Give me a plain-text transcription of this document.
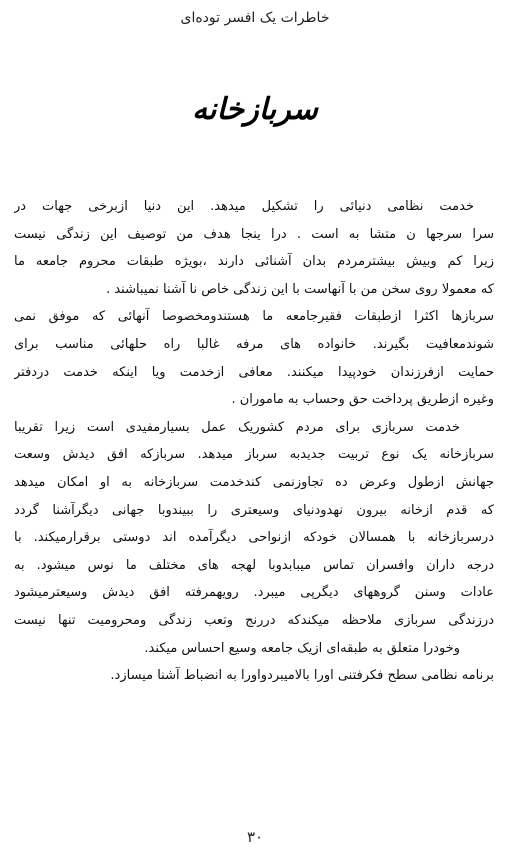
خاطرات یک افسر توده‌ای
سربازخانه
خدمت نظامی دنیائی را تشکیل میدهد. این دنیا ازبرخی جهات در
سرا سرجها ن متشا به است . درا ینجا هدف من توصیف این زندگی نیست
زیرا کم وبیش بیشترمردم بدان آشنائی دارند ،بویژه طبقات محروم جامعه ما
که معمولا روی سخن من با آنهاست با این زندگی خاص نا آشنا نمیباشند .
سربازها اکثرا ازطبقات فقیرجامعه ما هستندومخصوصا آنهائی که موفق نمی
شوندمعافیت بگیرند. خانواده های مرفه غالبا راه حلهائی مناسب برای
حمایت ازفرزندان خودپیدا میکنند. معافی ازخدمت ویا اینکه خدمت دردفتر
وغیره ازطریق پرداخت حق وحساب به ماموران .
خدمت سربازی برای مردم کشوریک عمل بسیارمفیدی است زیرا تقریبا
سربازخانه یک نوع تربیت جدیدبه سرباز میدهد. سربازکه افق دیدش وسعت
جهانش ازطول وعرض ده تجاوزنمی کندخدمت سربازخانه به او امکان میدهد
که قدم ازخانه بیرون نهدودنیای وسیعتری را ببیندوبا جهانی دیگرآشنا گردد
درسربازخانه با همسالان خودکه ازنواحی دیگرآمده اند دوستی برقرارمیکند. با
درجه داران وافسران تماس میبابدوبا لهجه های مختلف ما نوس میشود. به
عادات وسنن گروههای دیگرپی میبرد. رویهمرفته افق دیدش وسیعترمیشود
درزندگی سربازی ملاحظه میکندکه دررنج وتعب زندگی ومحرومیت تنها نیست
وخودرا متعلق به طبقه‌ای ازیک جامعه وسیع احساس میکند.
برنامه نظامی سطح فکرفتنی اورا بالامیبردواورا به انضباط آشنا میسازد.
۳۰
